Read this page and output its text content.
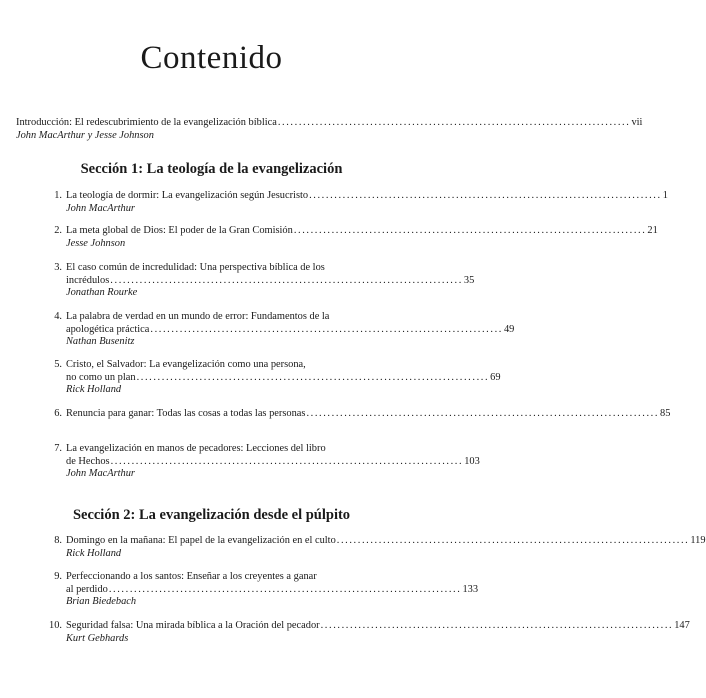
Contenido
Introducción: El redescubrimiento de la evangelización bíblica .................................................................................... vii
John MacArthur y Jesse Johnson
Sección 1: La teología de la evangelización
1. La teología de dormir: La evangelización según Jesucristo .................................................................................... 1
John MacArthur
2. La meta global de Dios: El poder de la Gran Comisión .................................................................................... 21
Jesse Johnson
3. El caso común de incredulidad: Una perspectiva bíblica de los
incrédulos .................................................................................... 35
Jonathan Rourke
4. La palabra de verdad en un mundo de error: Fundamentos de la
apologética práctica .................................................................................... 49
Nathan Busenitz
5. Cristo, el Salvador: La evangelización como una persona,
no como un plan .................................................................................... 69
Rick Holland
6. Renuncia para ganar: Todas las cosas a todas las personas .................................................................................... 85
7. La evangelización en manos de pecadores: Lecciones del libro
de Hechos .................................................................................... 103
John MacArthur
Sección 2: La evangelización desde el púlpito
8. Domingo en la mañana: El papel de la evangelización en el culto .................................................................................... 119
Rick Holland
9. Perfeccionando a los santos: Enseñar a los creyentes a ganar
al perdido .................................................................................... 133
Brian Biedebach
10. Seguridad falsa: Una mirada bíblica a la Oración del pecador .................................................................................... 147
Kurt Gebhards
